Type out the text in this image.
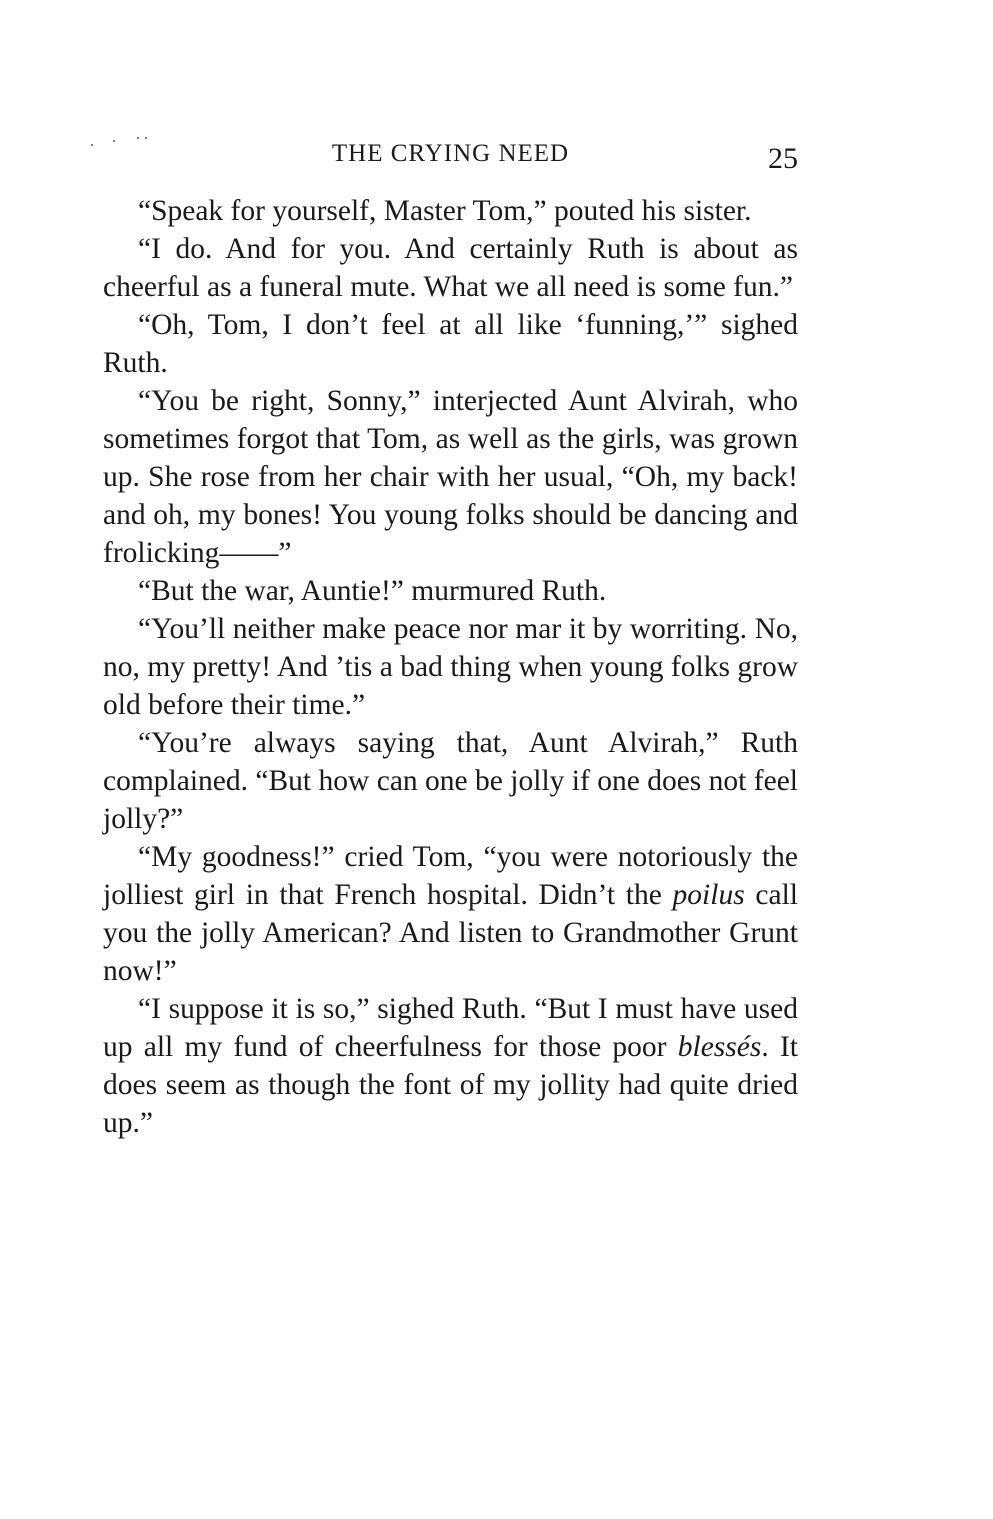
THE CRYING NEED	25

“Speak for yourself, Master Tom,” pouted his sister.

“I do. And for you. And certainly Ruth is about as cheerful as a funeral mute. What we all need is some fun.”

“Oh, Tom, I don’t feel at all like ‘funning,’” sighed Ruth.

“You be right, Sonny,” interjected Aunt Alvirah, who sometimes forgot that Tom, as well as the girls, was grown up. She rose from her chair with her usual, “Oh, my back! and oh, my bones! You young folks should be dancing and frolicking——”

“But the war, Auntie!” murmured Ruth.

“You’ll neither make peace nor mar it by worriting. No, no, my pretty! And ’tis a bad thing when young folks grow old before their time.”

“You’re always saying that, Aunt Alvirah,” Ruth complained. “But how can one be jolly if one does not feel jolly?”

“My goodness!” cried Tom, “you were notoriously the jolliest girl in that French hospital. Didn’t the poilus call you the jolly American? And listen to Grandmother Grunt now!”

“I suppose it is so,” sighed Ruth. “But I must have used up all my fund of cheerfulness for those poor blessés. It does seem as though the font of my jollity had quite dried up.”
